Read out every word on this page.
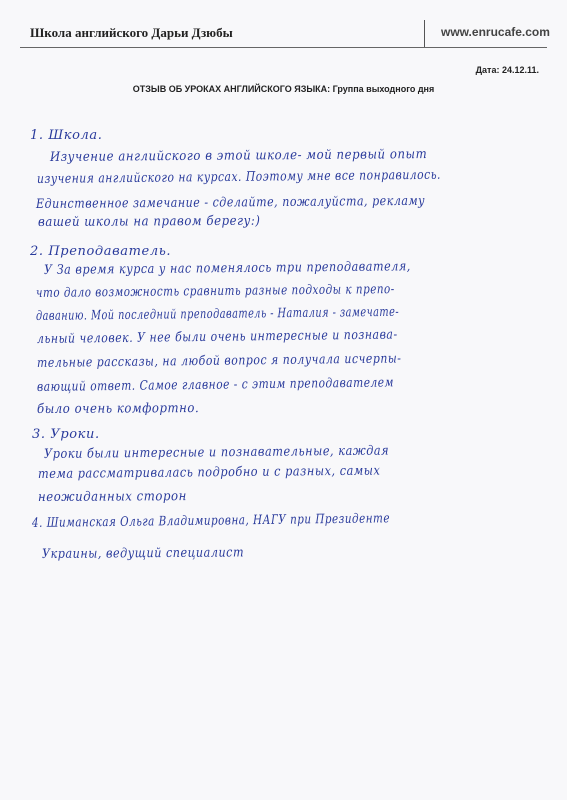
Школа английского Дарьи Дзюбы	www.enrucafe.com
Дата: 24.12.11.
ОТЗЫВ ОБ УРОКАХ АНГЛИЙСКОГО ЯЗЫКА: Группа выходного дня
1. Школа.
Изучение английского в этой школе- мой первый опыт
изучения английского на курсах. Поэтому мне все понравилось.
Единственное замечание - сделайте, пожалуйста, рекламу
вашей школы на правом берегу:)
2. Преподаватель.
У За время курса у нас поменялось три преподавателя,
что дало возможность сравнить разные подходы к препо-
даванию. Мой последний преподаватель - Наталия - замечате-
льный человек. У нее были очень интересные и познава-
тельные рассказы, на любой вопрос я получала исчерпы-
вающий ответ. Самое главное - с этим преподавателем
было очень комфортно.
3. Уроки.
Уроки были интересные и познавательные, каждая
тема рассматривалась подробно и с разных, самых
неожиданных сторон
4. Шиманская Ольга Владимировна, НАГУ при Президенте
Украины, ведущий специалист
